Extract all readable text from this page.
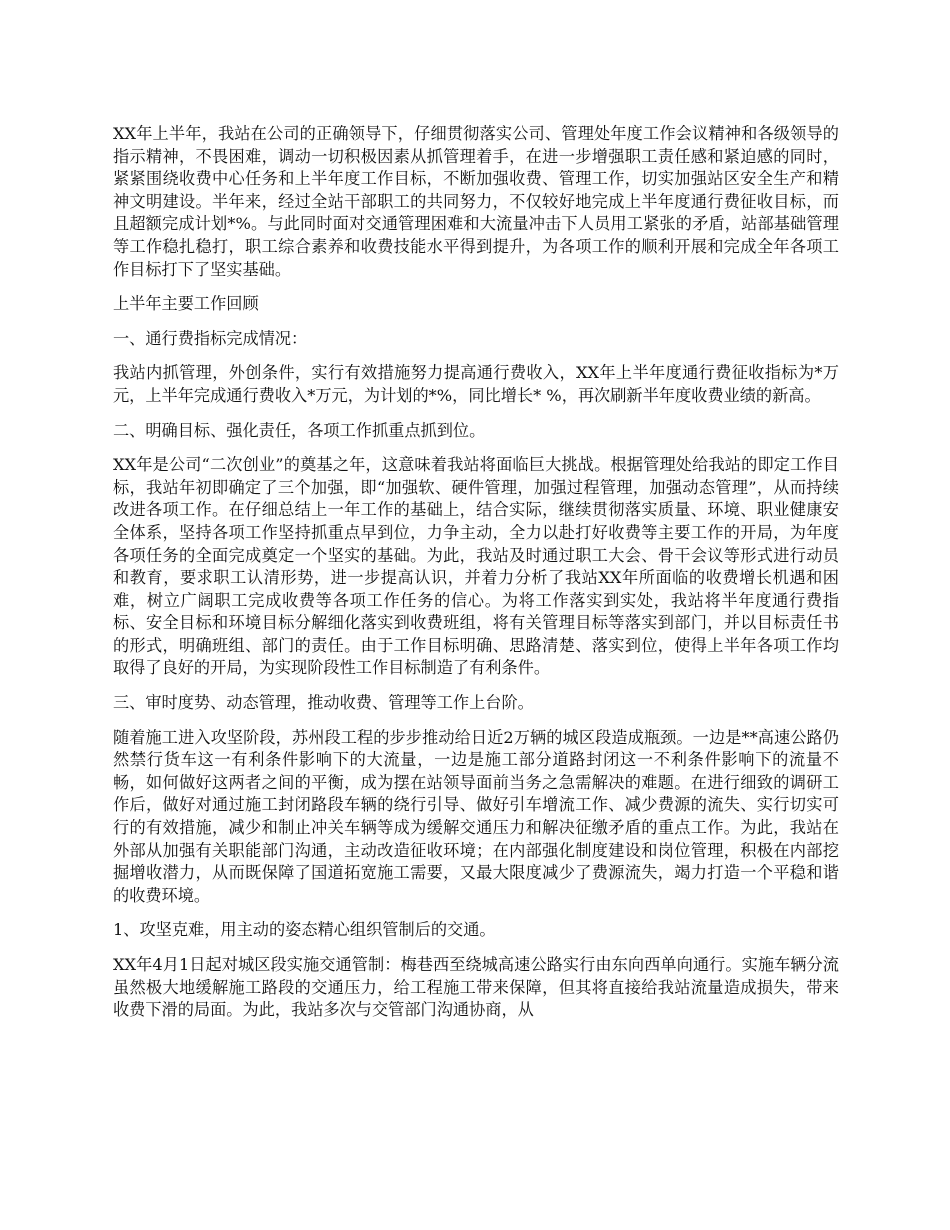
XX年上半年，我站在公司的正确领导下，仔细贯彻落实公司、管理处年度工作会议精神和各级领导的指示精神，不畏困难，调动一切积极因素从抓管理着手，在进一步增强职工责任感和紧迫感的同时，紧紧围绕收费中心任务和上半年度工作目标，不断加强收费、管理工作，切实加强站区安全生产和精神文明建设。半年来，经过全站干部职工的共同努力，不仅较好地完成上半年度通行费征收目标，而且超额完成计划*%。与此同时面对交通管理困难和大流量冲击下人员用工紧张的矛盾，站部基础管理等工作稳扎稳打，职工综合素养和收费技能水平得到提升，为各项工作的顺利开展和完成全年各项工作目标打下了坚实基础。

上半年主要工作回顾

一、通行费指标完成情况：

我站内抓管理，外创条件，实行有效措施努力提高通行费收入，XX年上半年度通行费征收指标为*万元，上半年完成通行费收入*万元，为计划的*%，同比增长* %，再次刷新半年度收费业绩的新高。

二、明确目标、强化责任，各项工作抓重点抓到位。

XX年是公司“二次创业”的奠基之年，这意味着我站将面临巨大挑战。根据管理处给我站的即定工作目标，我站年初即确定了三个加强，即“加强软、硬件管理，加强过程管理，加强动态管理”，从而持续改进各项工作。在仔细总结上一年工作的基础上，结合实际，继续贯彻落实质量、环境、职业健康安全体系，坚持各项工作坚持抓重点早到位，力争主动，全力以赴打好收费等主要工作的开局，为年度各项任务的全面完成奠定一个坚实的基础。为此，我站及时通过职工大会、骨干会议等形式进行动员和教育，要求职工认清形势，进一步提高认识，并着力分析了我站XX年所面临的收费增长机遇和困难，树立广阔职工完成收费等各项工作任务的信心。为将工作落实到实处，我站将半年度通行费指标、安全目标和环境目标分解细化落实到收费班组，将有关管理目标等落实到部门，并以目标责任书的形式，明确班组、部门的责任。由于工作目标明确、思路清楚、落实到位，使得上半年各项工作均取得了良好的开局，为实现阶段性工作目标制造了有利条件。

三、审时度势、动态管理，推动收费、管理等工作上台阶。

随着施工进入攻坚阶段，苏州段工程的步步推动给日近2万辆的城区段造成瓶颈。一边是**高速公路仍然禁行货车这一有利条件影响下的大流量，一边是施工部分道路封闭这一不利条件影响下的流量不畅，如何做好这两者之间的平衡，成为摆在站领导面前当务之急需解决的难题。在进行细致的调研工作后，做好对通过施工封闭路段车辆的绕行引导、做好引车增流工作、减少费源的流失、实行切实可行的有效措施，减少和制止冲关车辆等成为缓解交通压力和解决征缴矛盾的重点工作。为此，我站在外部从加强有关职能部门沟通，主动改造征收环境；在内部强化制度建设和岗位管理，积极在内部挖掘增收潜力，从而既保障了国道拓宽施工需要，又最大限度减少了费源流失，竭力打造一个平稳和谐的收费环境。

1、攻坚克难，用主动的姿态精心组织管制后的交通。

XX年4月1日起对城区段实施交通管制：梅巷西至绕城高速公路实行由东向西单向通行。实施车辆分流虽然极大地缓解施工路段的交通压力，给工程施工带来保障，但其将直接给我站流量造成损失，带来收费下滑的局面。为此，我站多次与交管部门沟通协商，从
